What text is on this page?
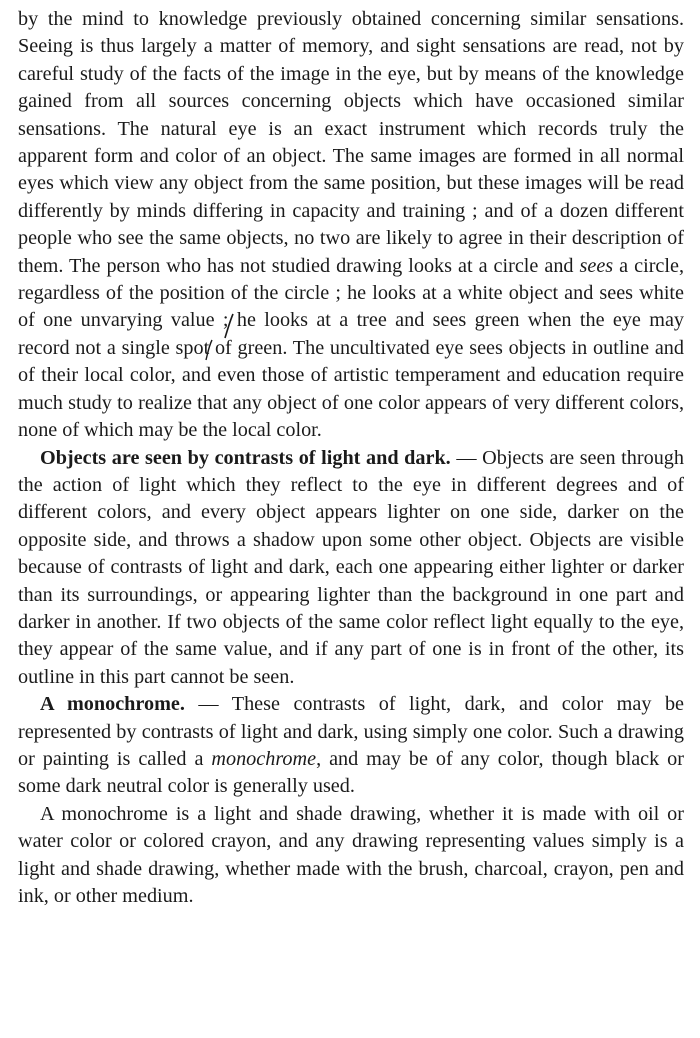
by the mind to knowledge previously obtained concerning similar sensations. Seeing is thus largely a matter of memory, and sight sensations are read, not by careful study of the facts of the image in the eye, but by means of the knowledge gained from all sources concerning objects which have occasioned similar sensations. The natural eye is an exact instrument which records truly the apparent form and color of an object. The same images are formed in all normal eyes which view any object from the same position, but these images will be read differently by minds differing in capacity and training ; and of a dozen different people who see the same objects, no two are likely to agree in their description of them. The person who has not studied drawing looks at a circle and sees a circle, regardless of the position of the circle ; he looks at a white object and sees white of one unvarying value ; he looks at a tree and sees green when the eye may record not a single spot of green. The uncultivated eye sees objects in outline and of their local color, and even those of artistic temperament and education require much study to realize that any object of one color appears of very different colors, none of which may be the local color.

Objects are seen by contrasts of light and dark. — Objects are seen through the action of light which they reflect to the eye in different degrees and of different colors, and every object appears lighter on one side, darker on the opposite side, and throws a shadow upon some other object. Objects are visible because of contrasts of light and dark, each one appearing either lighter or darker than its surroundings, or appearing lighter than the background in one part and darker in another. If two objects of the same color reflect light equally to the eye, they appear of the same value, and if any part of one is in front of the other, its outline in this part cannot be seen.

A monochrome. — These contrasts of light, dark, and color may be represented by contrasts of light and dark, using simply one color. Such a drawing or painting is called a monochrome, and may be of any color, though black or some dark neutral color is generally used.

A monochrome is a light and shade drawing, whether it is made with oil or water color or colored crayon, and any drawing representing values simply is a light and shade drawing, whether made with the brush, charcoal, crayon, pen and ink, or other medium.
